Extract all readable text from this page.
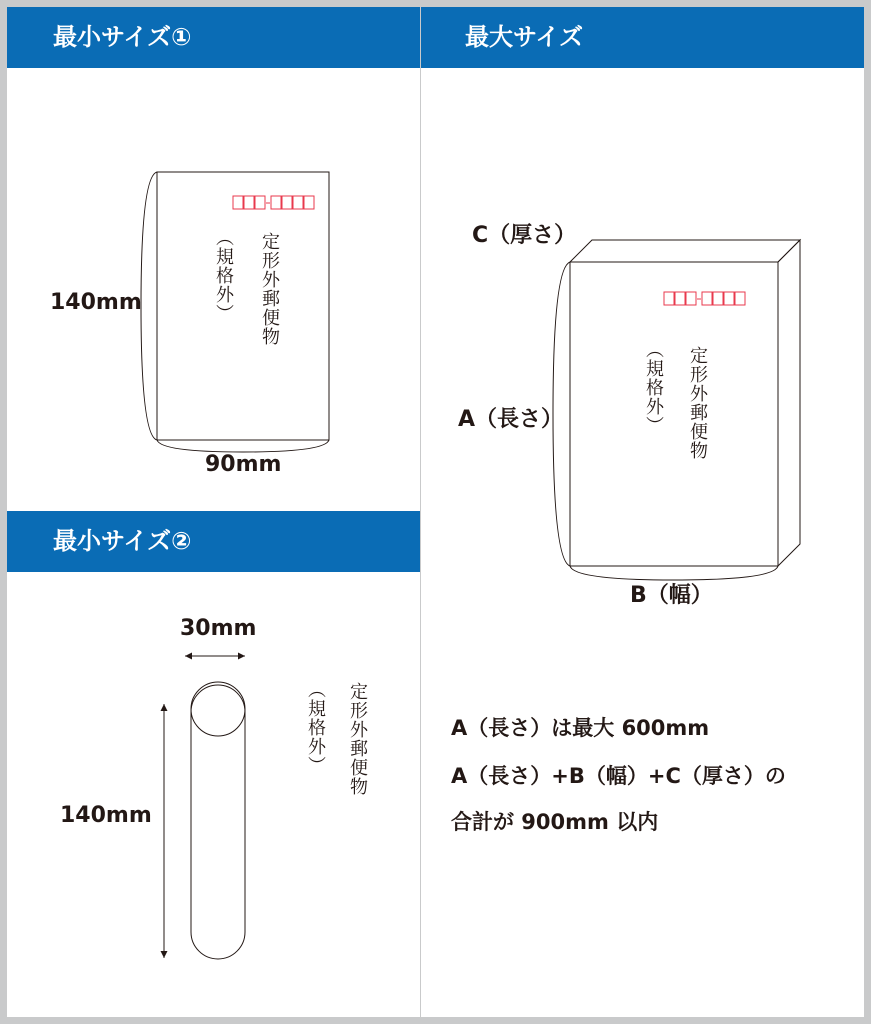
最小サイズ①	最大サイズ
最小サイズ②
140mm
90mm
定形外郵便物
（規格外）
30mm
140mm
定形外郵便物
（規格外）
C（厚さ）
A（長さ）
B（幅）
定形外郵便物
（規格外）
A（長さ）は最大 600mm
A（長さ）+B（幅）+C（厚さ）の
合計が 900mm 以内
